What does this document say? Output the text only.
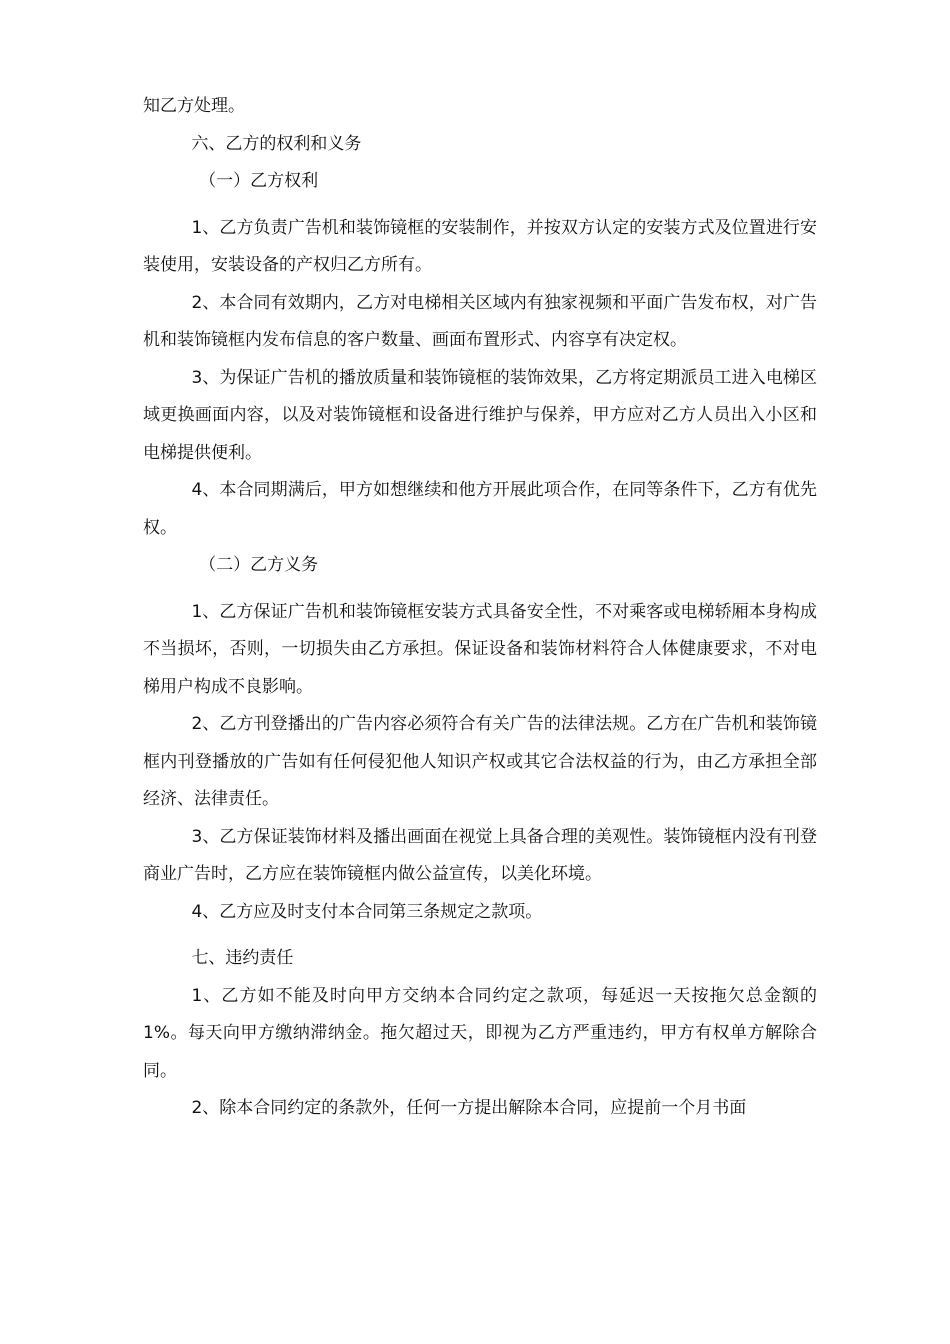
知乙方处理。

六、乙方的权利和义务

（一）乙方权利

1、乙方负责广告机和装饰镜框的安装制作，并按双方认定的安装方式及位置进行安装使用，安装设备的产权归乙方所有。

2、本合同有效期内，乙方对电梯相关区域内有独家视频和平面广告发布权，对广告机和装饰镜框内发布信息的客户数量、画面布置形式、内容享有决定权。

3、为保证广告机的播放质量和装饰镜框的装饰效果，乙方将定期派员工进入电梯区域更换画面内容，以及对装饰镜框和设备进行维护与保养，甲方应对乙方人员出入小区和电梯提供便利。

4、本合同期满后，甲方如想继续和他方开展此项合作，在同等条件下，乙方有优先权。

（二）乙方义务

1、乙方保证广告机和装饰镜框安装方式具备安全性，不对乘客或电梯轿厢本身构成不当损坏，否则，一切损失由乙方承担。保证设备和装饰材料符合人体健康要求，不对电梯用户构成不良影响。

2、乙方刊登播出的广告内容必须符合有关广告的法律法规。乙方在广告机和装饰镜框内刊登播放的广告如有任何侵犯他人知识产权或其它合法权益的行为，由乙方承担全部经济、法律责任。

3、乙方保证装饰材料及播出画面在视觉上具备合理的美观性。装饰镜框内没有刊登商业广告时，乙方应在装饰镜框内做公益宣传，以美化环境。

4、乙方应及时支付本合同第三条规定之款项。

七、违约责任

1、乙方如不能及时向甲方交纳本合同约定之款项，每延迟一天按拖欠总金额的1%。每天向甲方缴纳滞纳金。拖欠超过天，即视为乙方严重违约，甲方有权单方解除合同。

2、除本合同约定的条款外，任何一方提出解除本合同，应提前一个月书面
